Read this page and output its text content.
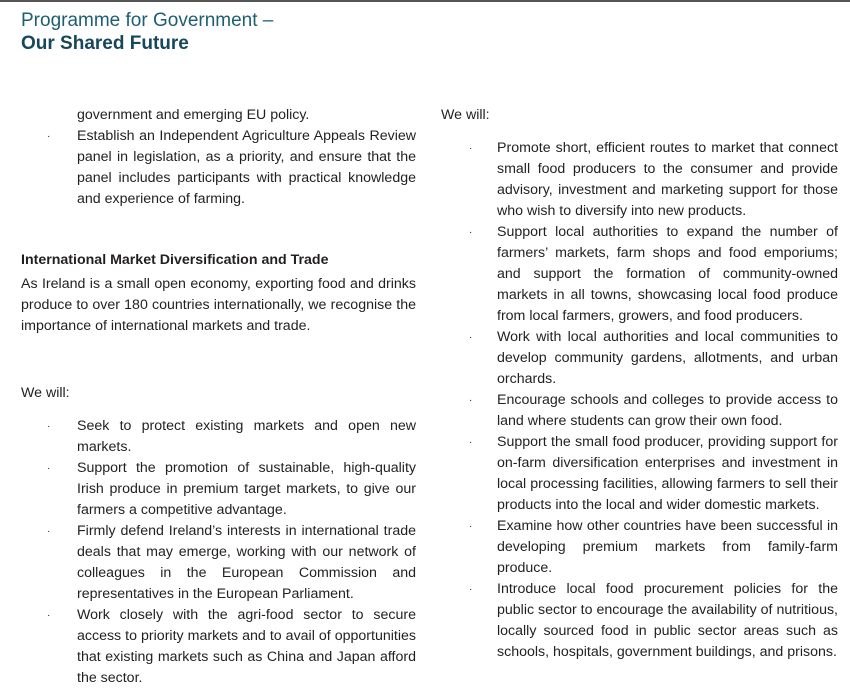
Programme for Government –
Our Shared Future
government and emerging EU policy.
· Establish an Independent Agriculture Appeals Review panel in legislation, as a priority, and ensure that the panel includes participants with practical knowledge and experience of farming.
International Market Diversification and Trade
As Ireland is a small open economy, exporting food and drinks produce to over 180 countries internationally, we recognise the importance of international markets and trade.
We will:
· Seek to protect existing markets and open new markets.
· Support the promotion of sustainable, high-quality Irish produce in premium target markets, to give our farmers a competitive advantage.
· Firmly defend Ireland’s interests in international trade deals that may emerge, working with our network of colleagues in the European Commission and representatives in the European Parliament.
· Work closely with the agri-food sector to secure access to priority markets and to avail of opportunities that existing markets such as China and Japan afford the sector.
We will:
· Promote short, efficient routes to market that connect small food producers to the consumer and provide advisory, investment and marketing support for those who wish to diversify into new products.
· Support local authorities to expand the number of farmers’ markets, farm shops and food emporiums; and support the formation of community-owned markets in all towns, showcasing local food produce from local farmers, growers, and food producers.
· Work with local authorities and local communities to develop community gardens, allotments, and urban orchards.
· Encourage schools and colleges to provide access to land where students can grow their own food.
· Support the small food producer, providing support for on-farm diversification enterprises and investment in local processing facilities, allowing farmers to sell their products into the local and wider domestic markets.
· Examine how other countries have been successful in developing premium markets from family-farm produce.
· Introduce local food procurement policies for the public sector to encourage the availability of nutritious, locally sourced food in public sector areas such as schools, hospitals, government buildings, and prisons.
